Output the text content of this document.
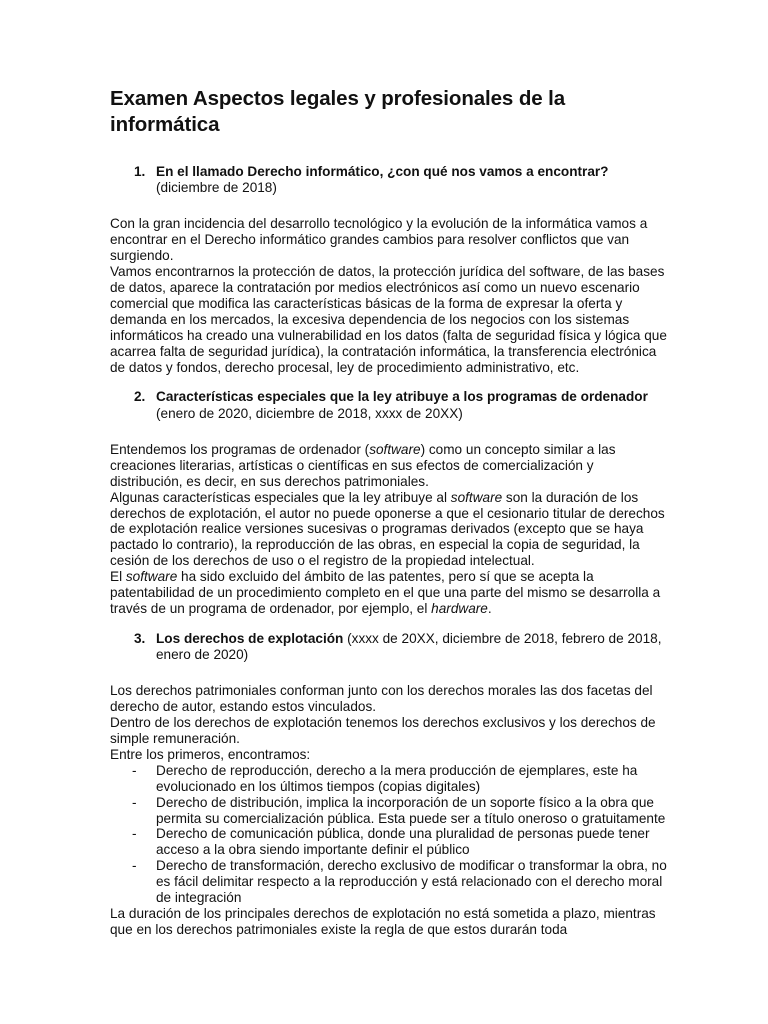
Examen Aspectos legales y profesionales de la informática
1. En el llamado Derecho informático, ¿con qué nos vamos a encontrar?
(diciembre de 2018)

Con la gran incidencia del desarrollo tecnológico y la evolución de la informática vamos a encontrar en el Derecho informático grandes cambios para resolver conflictos que van surgiendo.

Vamos encontrarnos la protección de datos, la protección jurídica del software, de las bases de datos, aparece la contratación por medios electrónicos así como un nuevo escenario comercial que modifica las características básicas de la forma de expresar la oferta y demanda en los mercados, la excesiva dependencia de los negocios con los sistemas informáticos ha creado una vulnerabilidad en los datos (falta de seguridad física y lógica que acarrea falta de seguridad jurídica), la contratación informática, la transferencia electrónica de datos y fondos, derecho procesal, ley de procedimiento administrativo, etc.

2. Características especiales que la ley atribuye a los programas de ordenador
(enero de 2020, diciembre de 2018, xxxx de 20XX)

Entendemos los programas de ordenador (software) como un concepto similar a las creaciones literarias, artísticas o científicas en sus efectos de comercialización y distribución, es decir, en sus derechos patrimoniales.

Algunas características especiales que la ley atribuye al software son la duración de los derechos de explotación, el autor no puede oponerse a que el cesionario titular de derechos de explotación realice versiones sucesivas o programas derivados (excepto que se haya pactado lo contrario), la reproducción de las obras, en especial la copia de seguridad, la cesión de los derechos de uso o el registro de la propiedad intelectual.

El software ha sido excluido del ámbito de las patentes, pero sí que se acepta la patentabilidad de un procedimiento completo en el que una parte del mismo se desarrolla a través de un programa de ordenador, por ejemplo, el hardware.

3. Los derechos de explotación (xxxx de 20XX, diciembre de 2018, febrero de 2018, enero de 2020)

Los derechos patrimoniales conforman junto con los derechos morales las dos facetas del derecho de autor, estando estos vinculados.

Dentro de los derechos de explotación tenemos los derechos exclusivos y los derechos de simple remuneración.

Entre los primeros, encontramos:

-	Derecho de reproducción, derecho a la mera producción de ejemplares, este ha evolucionado en los últimos tiempos (copias digitales)
-	Derecho de distribución, implica la incorporación de un soporte físico a la obra que permita su comercialización pública. Esta puede ser a título oneroso o gratuitamente
-	Derecho de comunicación pública, donde una pluralidad de personas puede tener acceso a la obra siendo importante definir el público
-	Derecho de transformación, derecho exclusivo de modificar o transformar la obra, no es fácil delimitar respecto a la reproducción y está relacionado con el derecho moral de integración

La duración de los principales derechos de explotación no está sometida a plazo, mientras que en los derechos patrimoniales existe la regla de que estos durarán toda
